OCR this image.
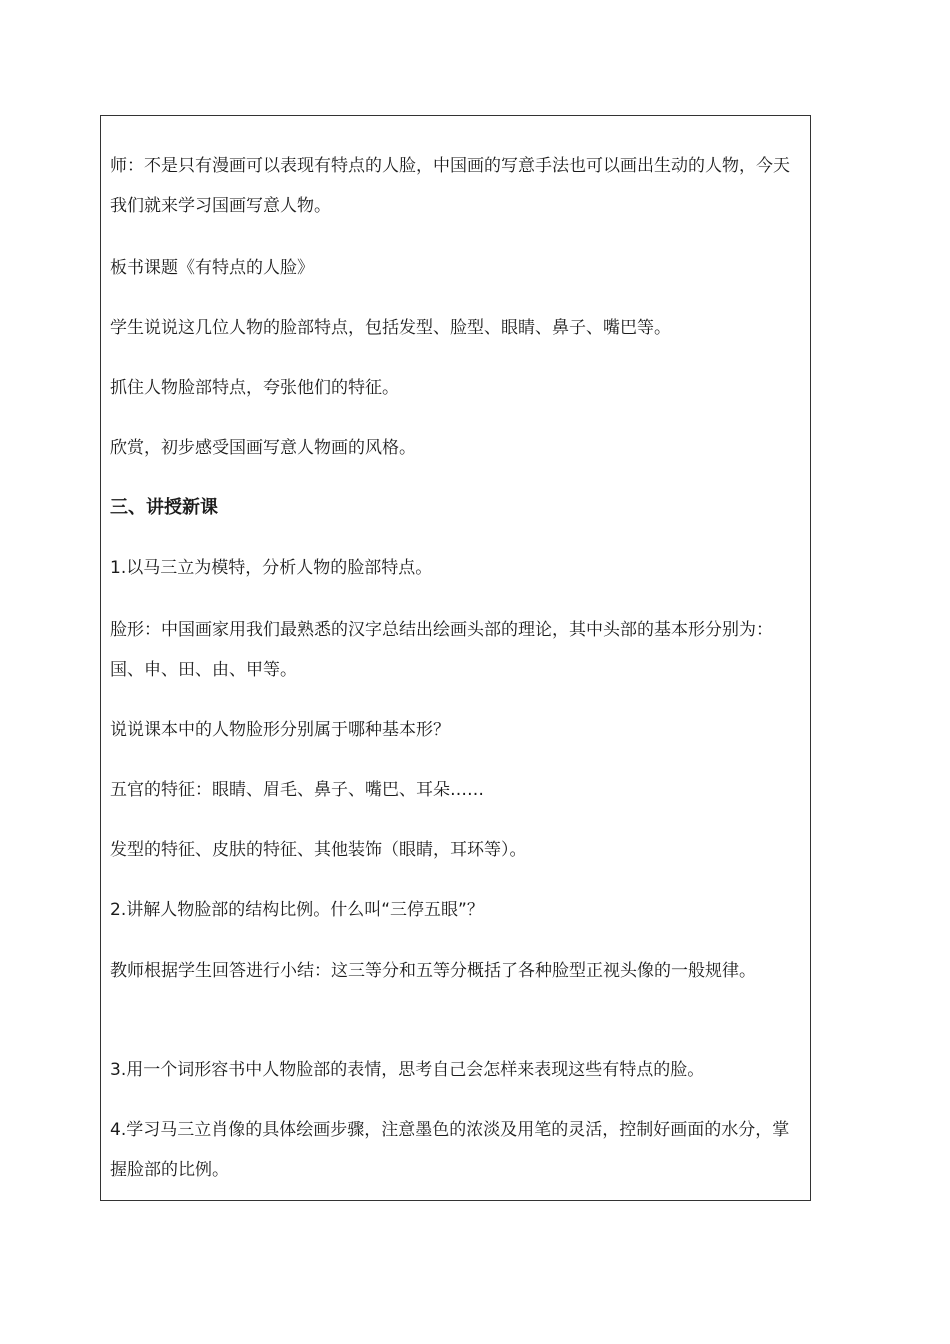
师：不是只有漫画可以表现有特点的人脸，中国画的写意手法也可以画出生动的人物，今天我们就来学习国画写意人物。

板书课题《有特点的人脸》

学生说说这几位人物的脸部特点，包括发型、脸型、眼睛、鼻子、嘴巴等。

抓住人物脸部特点，夸张他们的特征。

欣赏，初步感受国画写意人物画的风格。

三、讲授新课

1.以马三立为模特，分析人物的脸部特点。

脸形：中国画家用我们最熟悉的汉字总结出绘画头部的理论，其中头部的基本形分别为：国、申、田、由、甲等。

说说课本中的人物脸形分别属于哪种基本形？

五官的特征：眼睛、眉毛、鼻子、嘴巴、耳朵……

发型的特征、皮肤的特征、其他装饰（眼睛，耳环等）。

2.讲解人物脸部的结构比例。什么叫“三停五眼”？

教师根据学生回答进行小结：这三等分和五等分概括了各种脸型正视头像的一般规律。

3.用一个词形容书中人物脸部的表情，思考自己会怎样来表现这些有特点的脸。

4.学习马三立肖像的具体绘画步骤，注意墨色的浓淡及用笔的灵活，控制好画面的水分，掌握脸部的比例。
